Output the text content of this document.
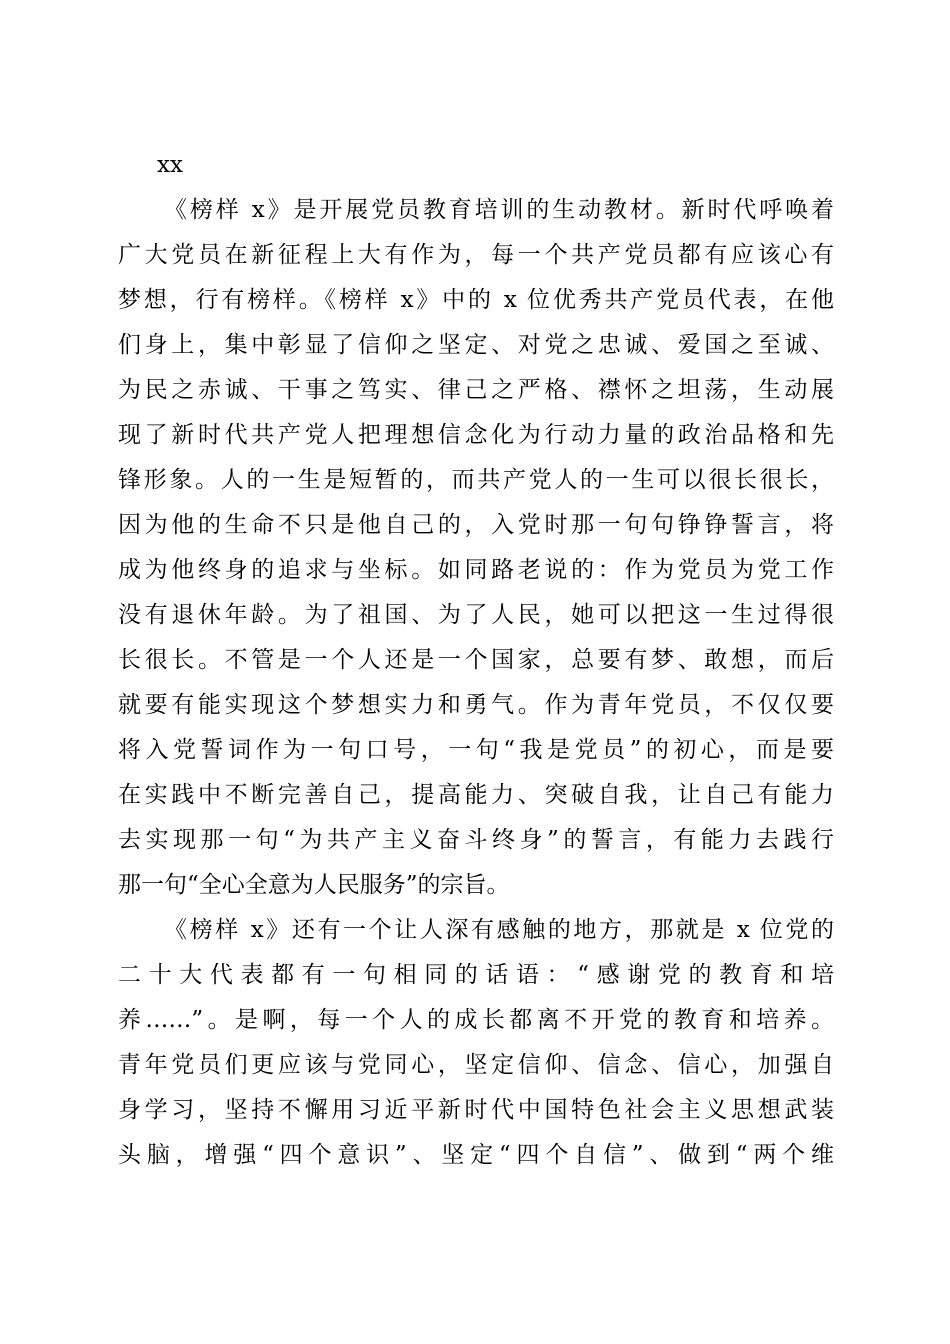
xx
《榜样 x》是开展党员教育培训的生动教材。新时代呼唤着
广大党员在新征程上大有作为，每一个共产党员都有应该心有
梦想，行有榜样。《榜样 x》中的 x 位优秀共产党员代表，在他
们身上，集中彰显了信仰之坚定、对党之忠诚、爱国之至诚、
为民之赤诚、干事之笃实、律己之严格、襟怀之坦荡，生动展
现了新时代共产党人把理想信念化为行动力量的政治品格和先
锋形象。人的一生是短暂的，而共产党人的一生可以很长很长，
因为他的生命不只是他自己的，入党时那一句句铮铮誓言，将
成为他终身的追求与坐标。如同路老说的：作为党员为党工作
没有退休年龄。为了祖国、为了人民，她可以把这一生过得很
长很长。不管是一个人还是一个国家，总要有梦、敢想，而后
就要有能实现这个梦想实力和勇气。作为青年党员，不仅仅要
将入党誓词作为一句口号，一句“我是党员”的初心，而是要
在实践中不断完善自己，提高能力、突破自我，让自己有能力
去实现那一句“为共产主义奋斗终身”的誓言，有能力去践行
那一句“全心全意为人民服务”的宗旨。
《榜样 x》还有一个让人深有感触的地方，那就是 x 位党的
二十大代表都有一句相同的话语：“感谢党的教育和培
养……”。是啊，每一个人的成长都离不开党的教育和培养。
青年党员们更应该与党同心，坚定信仰、信念、信心，加强自
身学习，坚持不懈用习近平新时代中国特色社会主义思想武装
头脑，增强“四个意识”、坚定“四个自信”、做到“两个维
